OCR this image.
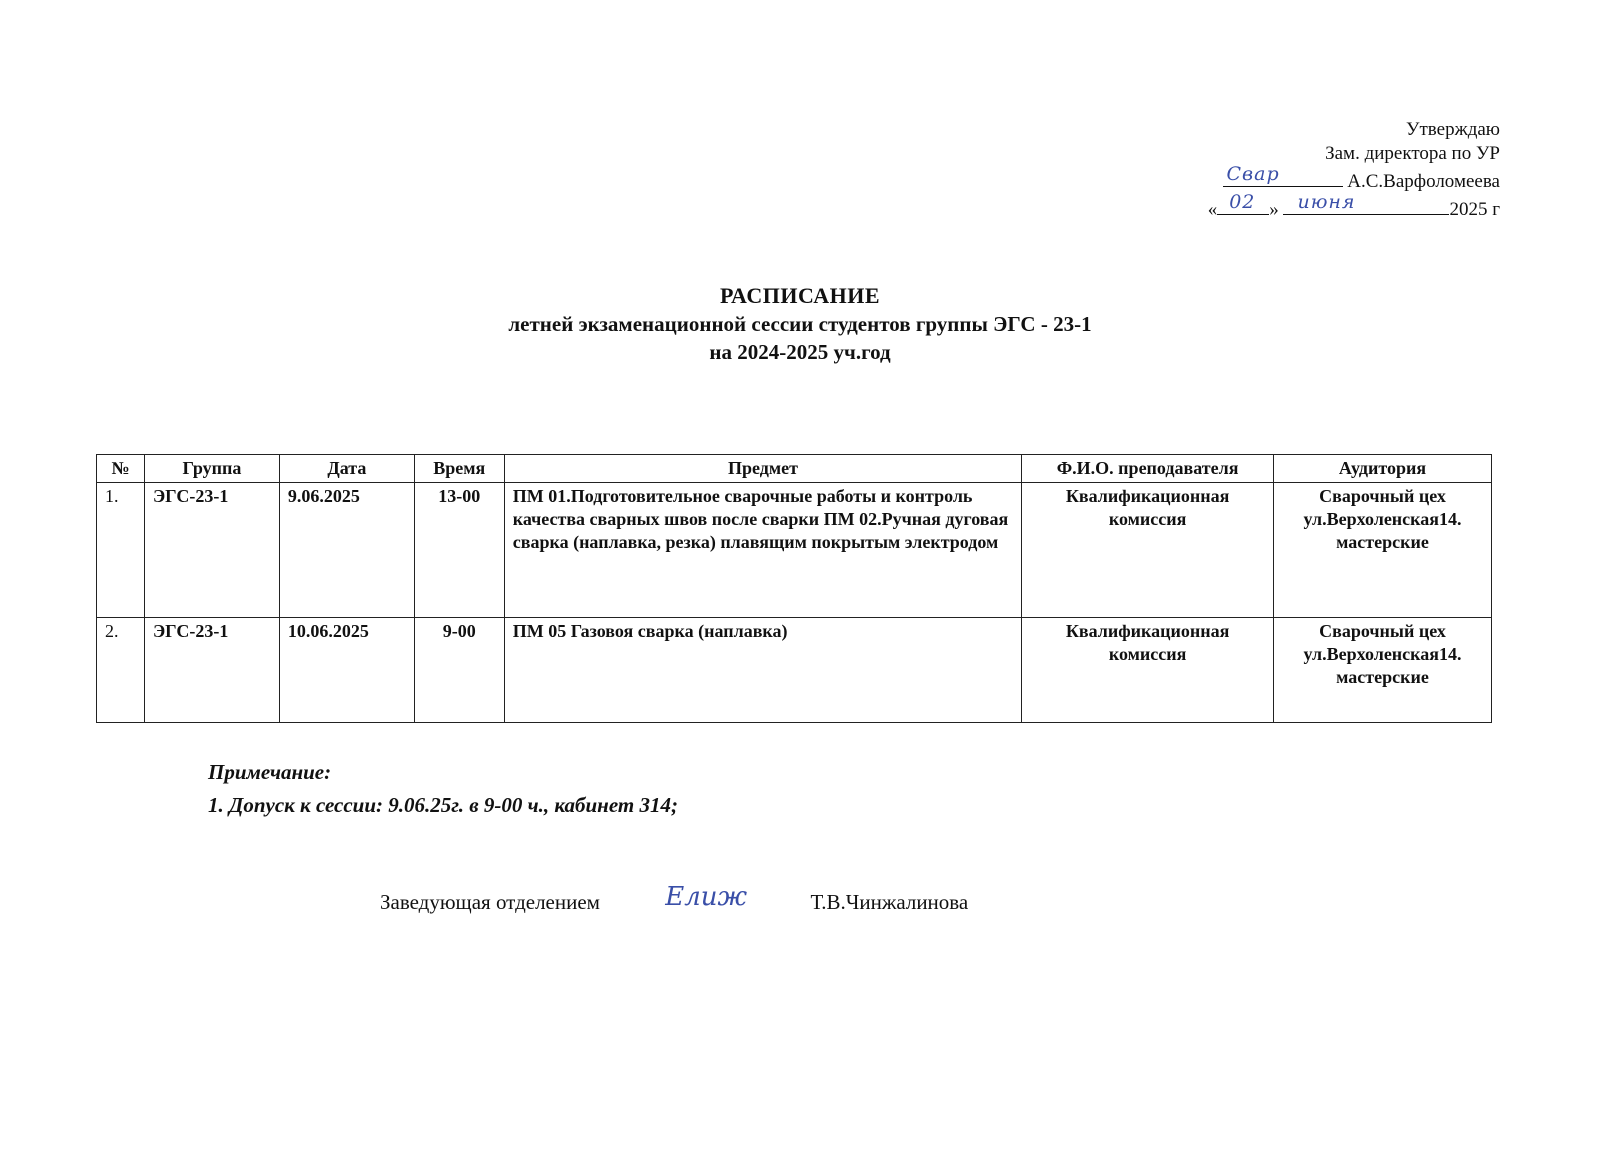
Утверждаю
Зам. директора по УР
Свар	А.С.Варфоломеева
« 02 » июня	2025 г
РАСПИСАНИЕ
летней экзаменационной сессии студентов группы ЭГС - 23-1
на 2024-2025 уч.год
№	Группа	Дата	Время	Предмет	Ф.И.О. преподавателя	Аудитория
1.	ЭГС-23-1	9.06.2025	13-00	ПМ 01.Подготовительное сварочные работы и контроль качества сварных швов после сварки ПМ 02.Ручная дуговая сварка (наплавка, резка) плавящим покрытым электродом	Квалификационная комиссия	Сварочный цех ул.Верхоленская14. мастерские
2.	ЭГС-23-1	10.06.2025	9-00	ПМ 05 Газовоя сварка (наплавка)	Квалификационная комиссия	Сварочный цех ул.Верхоленская14. мастерские
Примечание:
1. Допуск к сессии: 9.06.25г. в 9-00 ч., кабинет 314;
Заведующая отделением	Елиж	Т.В.Чинжалинова
